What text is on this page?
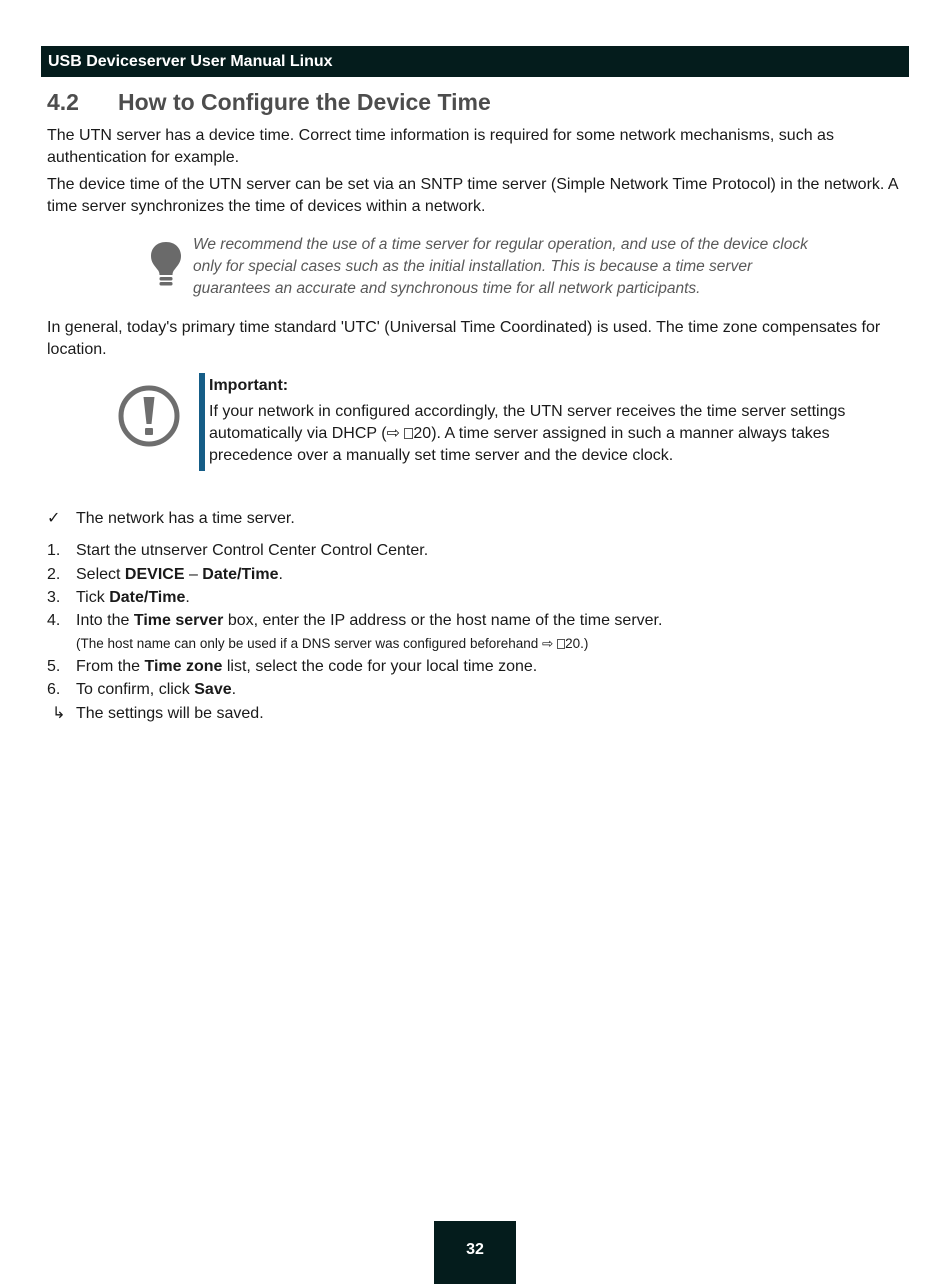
USB Deviceserver User Manual Linux
4.2 How to Configure the Device Time

The UTN server has a device time. Correct time information is required for some network mechanisms, such as authentication for example.

The device time of the UTN server can be set via an SNTP time server (Simple Network Time Protocol) in the network. A time server synchronizes the time of devices within a network.

We recommend the use of a time server for regular operation, and use of the device clock only for special cases such as the initial installation. This is because a time server guarantees an accurate and synchronous time for all network participants.

In general, today's primary time standard 'UTC' (Universal Time Coordinated) is used. The time zone compensates for location.

Important:

If your network in configured accordingly, the UTN server receives the time server settings automatically via DHCP (⇨ 20). A time server assigned in such a manner always takes precedence over a manually set time server and the device clock.

✓ The network has a time server.
1. Start the utnserver Control Center Control Center.
2. Select DEVICE – Date/Time.
3. Tick Date/Time.
4. Into the Time server box, enter the IP address or the host name of the time server.
(The host name can only be used if a DNS server was configured beforehand ⇨ 20.)
5. From the Time zone list, select the code for your local time zone.
6. To confirm, click Save.
↳ The settings will be saved.
32
